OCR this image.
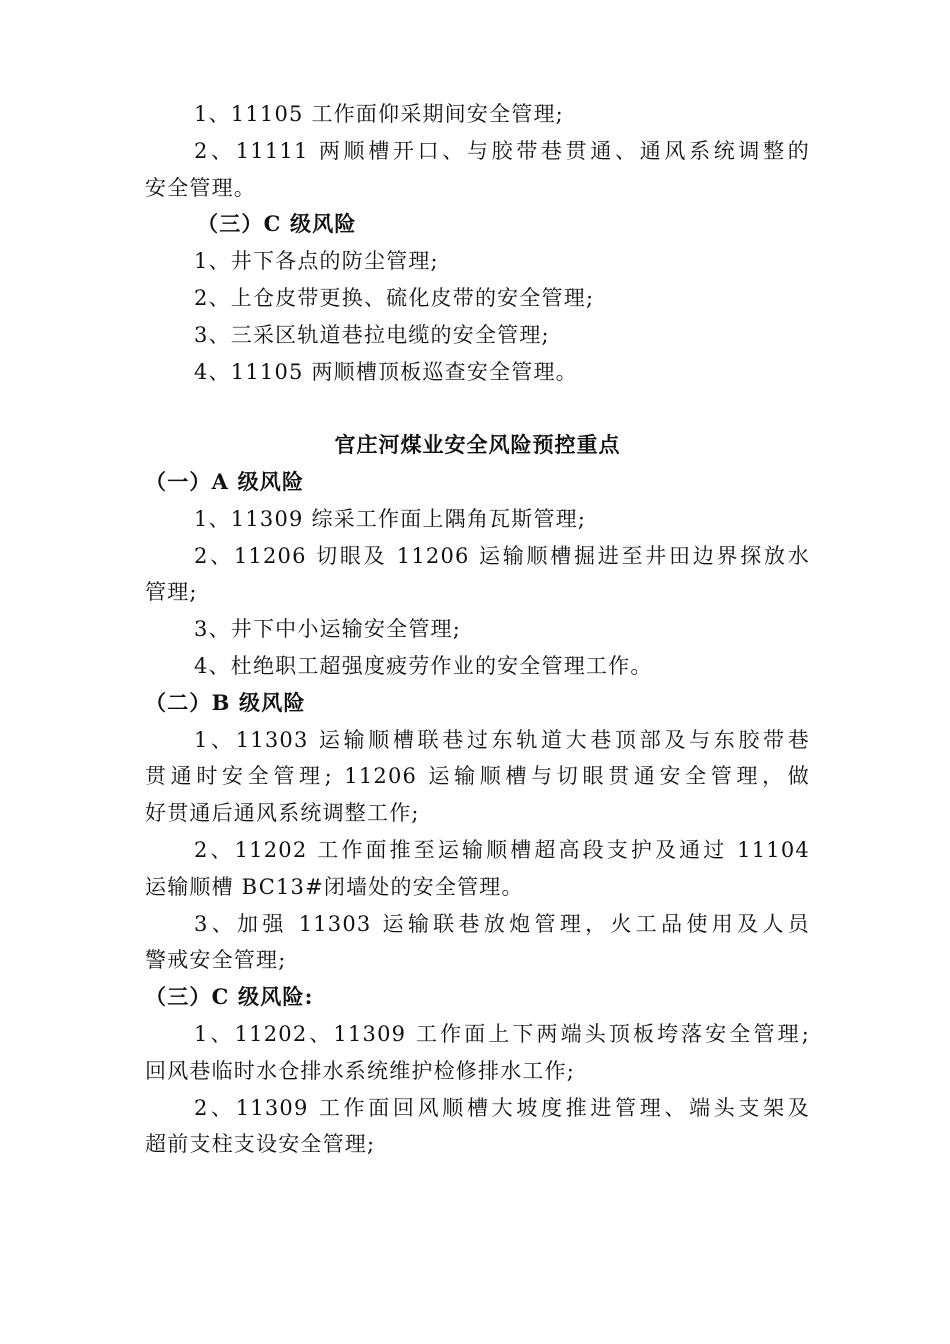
1、11105 工作面仰采期间安全管理;
2、11111 两顺槽开口、与胶带巷贯通、通风系统调整的
安全管理。
（三）C 级风险
1、井下各点的防尘管理;
2、上仓皮带更换、硫化皮带的安全管理;
3、三采区轨道巷拉电缆的安全管理;
4、11105 两顺槽顶板巡查安全管理。
官庄河煤业安全风险预控重点
（一）A 级风险
1、11309 综采工作面上隅角瓦斯管理;
2、11206 切眼及 11206 运输顺槽掘进至井田边界探放水
管理;
3、井下中小运输安全管理;
4、杜绝职工超强度疲劳作业的安全管理工作。
（二）B 级风险
1、11303 运输顺槽联巷过东轨道大巷顶部及与东胶带巷
贯通时安全管理; 11206 运输顺槽与切眼贯通安全管理，做
好贯通后通风系统调整工作;
2、11202 工作面推至运输顺槽超高段支护及通过 11104
运输顺槽 BC13#闭墙处的安全管理。
3、加强 11303 运输联巷放炮管理，火工品使用及人员
警戒安全管理;
（三）C 级风险:
1、11202、11309 工作面上下两端头顶板垮落安全管理;
回风巷临时水仓排水系统维护检修排水工作;
2、11309 工作面回风顺槽大坡度推进管理、端头支架及
超前支柱支设安全管理;
